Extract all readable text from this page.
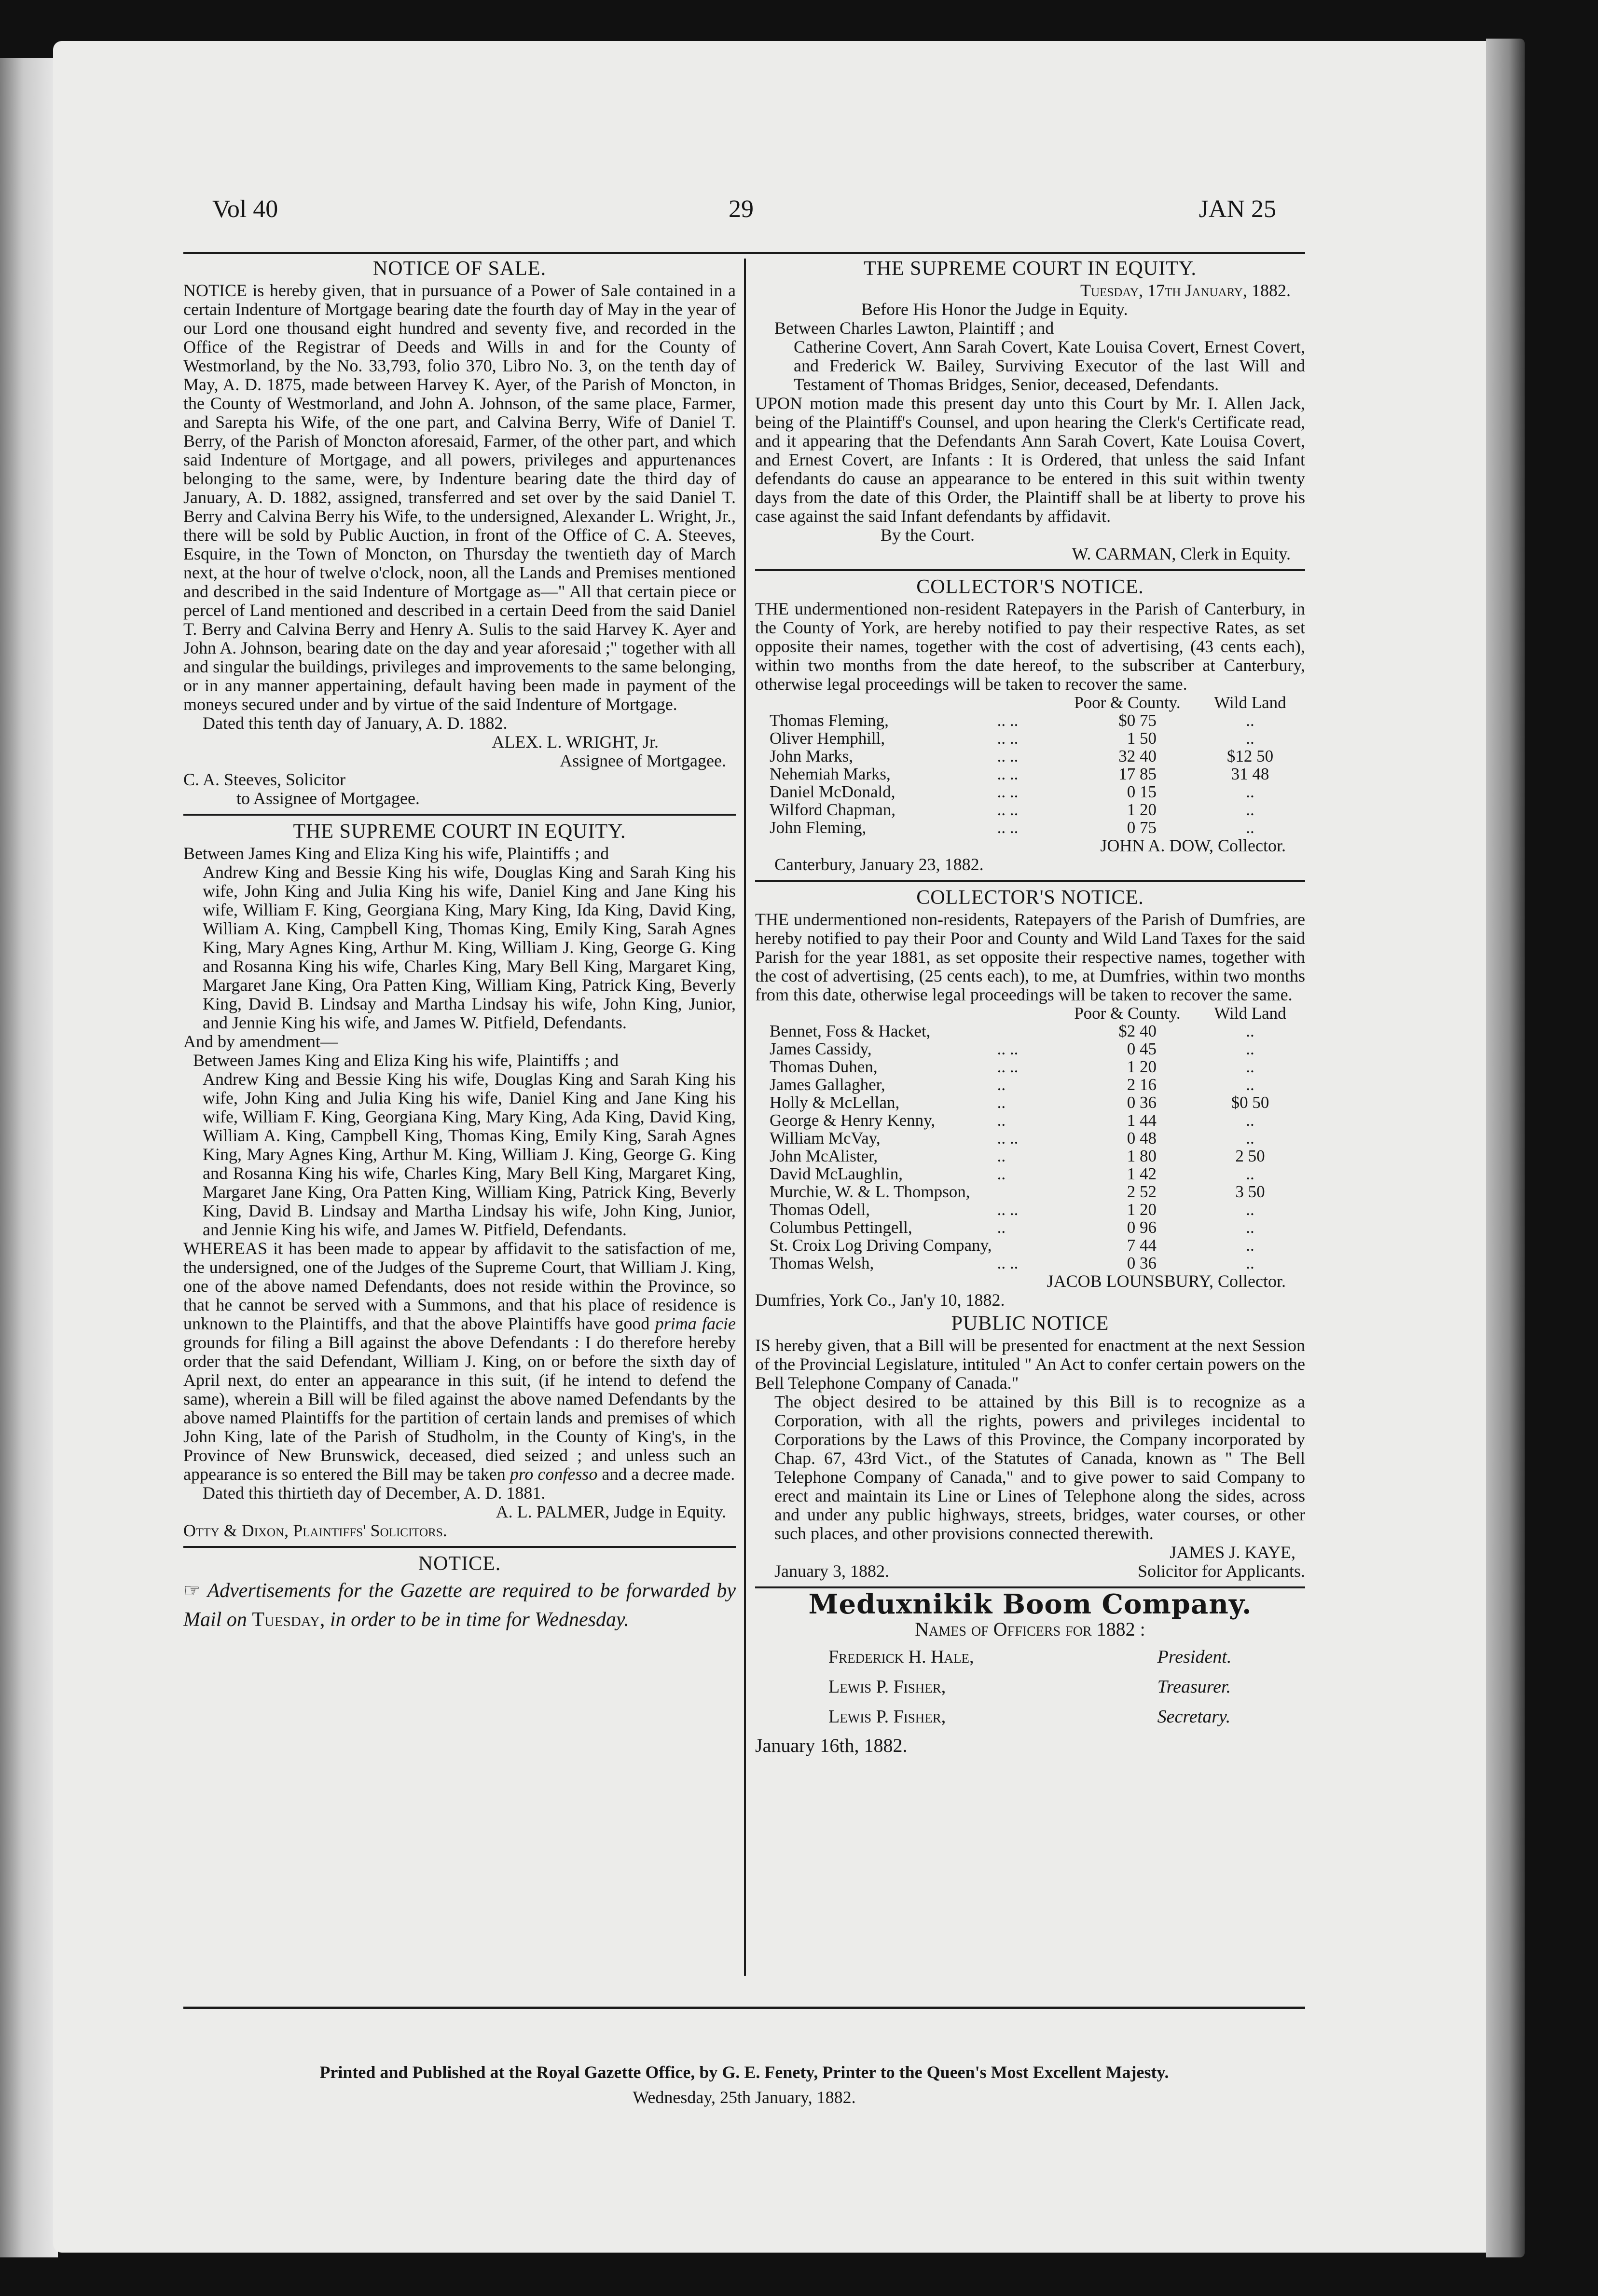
Vol 40	29	JAN 25
NOTICE OF SALE.

NOTICE is hereby given, that in pursuance of a Power of Sale contained in a certain Indenture of Mortgage bearing date the fourth day of May in the year of our Lord one thousand eight hundred and seventy five, and recorded in the Office of the Registrar of Deeds and Wills in and for the County of Westmorland, by the No. 33,793, folio 370, Libro No. 3, on the tenth day of May, A. D. 1875, made between Harvey K. Ayer, of the Parish of Moncton, in the County of Westmorland, and John A. Johnson, of the same place, Farmer, and Sarepta his Wife, of the one part, and Calvina Berry, Wife of Daniel T. Berry, of the Parish of Moncton aforesaid, Farmer, of the other part, and which said Indenture of Mortgage, and all powers, privileges and appurtenances belonging to the same, were, by Indenture bearing date the third day of January, A. D. 1882, assigned, transferred and set over by the said Daniel T. Berry and Calvina Berry his Wife, to the undersigned, Alexander L. Wright, Jr., there will be sold by Public Auction, in front of the Office of C. A. Steeves, Esquire, in the Town of Moncton, on Thursday the twentieth day of March next, at the hour of twelve o'clock, noon, all the Lands and Premises mentioned and described in the said Indenture of Mortgage as—" All that certain piece or percel of Land mentioned and described in a certain Deed from the said Daniel T. Berry and Calvina Berry and Henry A. Sulis to the said Harvey K. Ayer and John A. Johnson, bearing date on the day and year aforesaid ;" together with all and singular the buildings, privileges and improvements to the same belonging, or in any manner appertaining, default having been made in payment of the moneys secured under and by virtue of the said Indenture of Mortgage.

Dated this tenth day of January, A. D. 1882.

ALEX. L. WRIGHT, Jr.

Assignee of Mortgagee.

C. A. Steeves, Solicitor

to Assignee of Mortgagee.

THE SUPREME COURT IN EQUITY.

Between James King and Eliza King his wife, Plaintiffs ; and

Andrew King and Bessie King his wife, Douglas King and Sarah King his wife, John King and Julia King his wife, Daniel King and Jane King his wife, William F. King, Georgiana King, Mary King, Ida King, David King, William A. King, Campbell King, Thomas King, Emily King, Sarah Agnes King, Mary Agnes King, Arthur M. King, William J. King, George G. King and Rosanna King his wife, Charles King, Mary Bell King, Margaret King, Margaret Jane King, Ora Patten King, William King, Patrick King, Beverly King, David B. Lindsay and Martha Lindsay his wife, John King, Junior, and Jennie King his wife, and James W. Pitfield, Defendants.

And by amendment—

Between James King and Eliza King his wife, Plaintiffs ; and

Andrew King and Bessie King his wife, Douglas King and Sarah King his wife, John King and Julia King his wife, Daniel King and Jane King his wife, William F. King, Georgiana King, Mary King, Ada King, David King, William A. King, Campbell King, Thomas King, Emily King, Sarah Agnes King, Mary Agnes King, Arthur M. King, William J. King, George G. King and Rosanna King his wife, Charles King, Mary Bell King, Margaret King, Margaret Jane King, Ora Patten King, William King, Patrick King, Beverly King, David B. Lindsay and Martha Lindsay his wife, John King, Junior, and Jennie King his wife, and James W. Pitfield, Defendants.

WHEREAS it has been made to appear by affidavit to the satisfaction of me, the undersigned, one of the Judges of the Supreme Court, that William J. King, one of the above named Defendants, does not reside within the Province, so that he cannot be served with a Summons, and that his place of residence is unknown to the Plaintiffs, and that the above Plaintiffs have good prima facie grounds for filing a Bill against the above Defendants : I do therefore hereby order that the said Defendant, William J. King, on or before the sixth day of April next, do enter an appearance in this suit, (if he intend to defend the same), wherein a Bill will be filed against the above named Defendants by the above named Plaintiffs for the partition of certain lands and premises of which John King, late of the Parish of Studholm, in the County of King's, in the Province of New Brunswick, deceased, died seized ; and unless such an appearance is so entered the Bill may be taken pro confesso and a decree made.

Dated this thirtieth day of December, A. D. 1881.

A. L. PALMER, Judge in Equity.

Otty & Dixon, Plaintiffs' Solicitors.

NOTICE.

☞ Advertisements for the Gazette are required to be forwarded by Mail on Tuesday, in order to be in time for Wednesday.

THE SUPREME COURT IN EQUITY.

Tuesday, 17th January, 1882.

Before His Honor the Judge in Equity.

Between Charles Lawton, Plaintiff ; and

Catherine Covert, Ann Sarah Covert, Kate Louisa Covert, Ernest Covert, and Frederick W. Bailey, Surviving Executor of the last Will and Testament of Thomas Bridges, Senior, deceased, Defendants.

UPON motion made this present day unto this Court by Mr. I. Allen Jack, being of the Plaintiff's Counsel, and upon hearing the Clerk's Certificate read, and it appearing that the Defendants Ann Sarah Covert, Kate Louisa Covert, and Ernest Covert, are Infants : It is Ordered, that unless the said Infant defendants do cause an appearance to be entered in this suit within twenty days from the date of this Order, the Plaintiff shall be at liberty to prove his case against the said Infant defendants by affidavit.

By the Court.

W. CARMAN, Clerk in Equity.

COLLECTOR'S NOTICE.

THE undermentioned non-resident Ratepayers in the Parish of Canterbury, in the County of York, are hereby notified to pay their respective Rates, as set opposite their names, together with the cost of advertising, (43 cents each), within two months from the date hereof, to the subscriber at Canterbury, otherwise legal proceedings will be taken to recover the same.

		Poor & County.	Wild Land
Thomas Fleming,	.. ..	$0 75	..
Oliver Hemphill,	.. ..	1 50	..
John Marks,	.. ..	32 40	$12 50
Nehemiah Marks,	.. ..	17 85	31 48
Daniel McDonald,	.. ..	0 15	..
Wilford Chapman,	.. ..	1 20	..
John Fleming,	.. ..	0 75	..

JOHN A. DOW, Collector.

Canterbury, January 23, 1882.

COLLECTOR'S NOTICE.

THE undermentioned non-residents, Ratepayers of the Parish of Dumfries, are hereby notified to pay their Poor and County and Wild Land Taxes for the said Parish for the year 1881, as set opposite their respective names, together with the cost of advertising, (25 cents each), to me, at Dumfries, within two months from this date, otherwise legal proceedings will be taken to recover the same.

		Poor & County.	Wild Land
Bennet, Foss & Hacket,		$2 40	..
James Cassidy,	.. ..	0 45	..
Thomas Duhen,	.. ..	1 20	..
James Gallagher,	..	2 16	..
Holly & McLellan,	..	0 36	$0 50
George & Henry Kenny,	..	1 44	..
William McVay,	.. ..	0 48	..
John McAlister,	..	1 80	2 50
David McLaughlin,	..	1 42	..
Murchie, W. & L. Thompson,		2 52	3 50
Thomas Odell,	.. ..	1 20	..
Columbus Pettingell,	..	0 96	..
St. Croix Log Driving Company,		7 44	..
Thomas Welsh,	.. ..	0 36	..

JACOB LOUNSBURY, Collector.

Dumfries, York Co., Jan'y 10, 1882.

PUBLIC NOTICE

IS hereby given, that a Bill will be presented for enactment at the next Session of the Provincial Legislature, intituled " An Act to confer certain powers on the Bell Telephone Company of Canada."

The object desired to be attained by this Bill is to recognize as a Corporation, with all the rights, powers and privileges incidental to Corporations by the Laws of this Province, the Company incorporated by Chap. 67, 43rd Vict., of the Statutes of Canada, known as " The Bell Telephone Company of Canada," and to give power to said Company to erect and maintain its Line or Lines of Telephone along the sides, across and under any public highways, streets, bridges, water courses, or other such places, and other provisions connected therewith.

JAMES J. KAYE,

January 3, 1882.	Solicitor for Applicants.

Meduxnikik Boom Company.

Names of Officers for 1882 :

Frederick H. Hale,	President.
Lewis P. Fisher,	Treasurer.
Lewis P. Fisher,	Secretary.

January 16th, 1882.

Printed and Published at the Royal Gazette Office, by G. E. Fenety, Printer to the Queen's Most Excellent Majesty.
Wednesday, 25th January, 1882.
